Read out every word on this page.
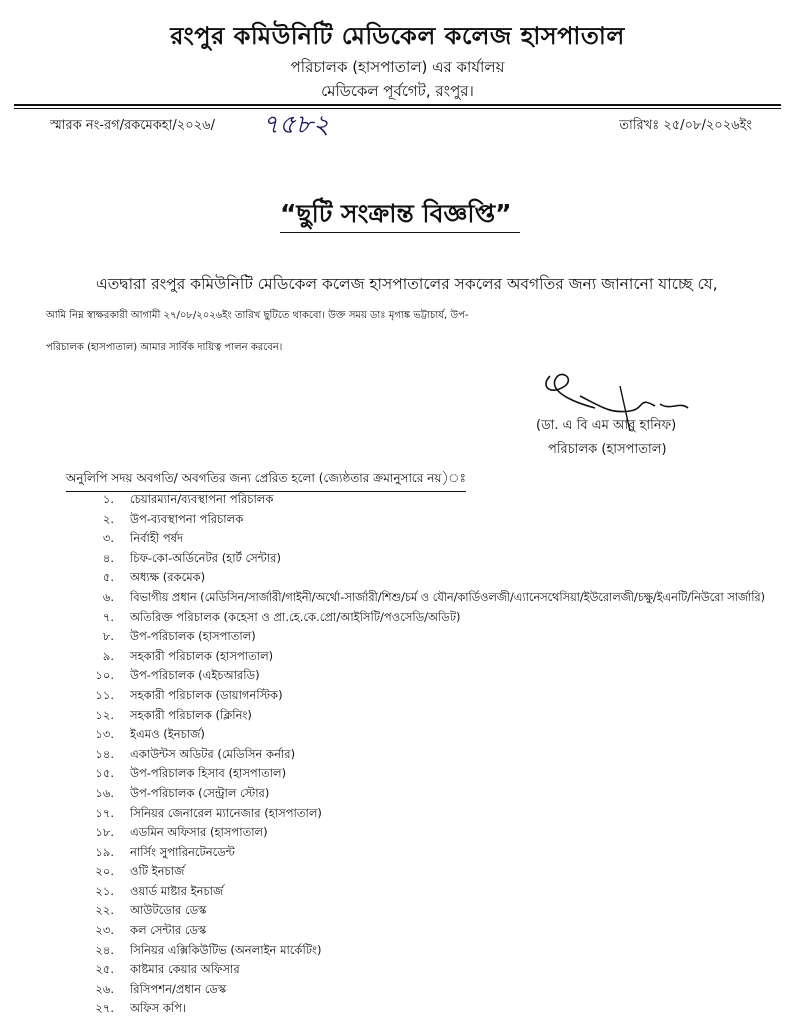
রংপুর কমিউনিটি মেডিকেল কলেজ হাসপাতাল
পরিচালক (হাসপাতাল) এর কার্যালয়
মেডিকেল পূর্বগেট, রংপুর।
স্মারক নং-রগ/রকমেকহা/২০২৬/ ৭৫৮২	তারিখঃ ২৫/০৮/২০২৬ইং
“ছুটি সংক্রান্ত বিজ্ঞপ্তি”
এতদ্বারা রংপুর কমিউনিটি মেডিকেল কলেজ হাসপাতালের সকলের অবগতির জন্য জানানো যাচ্ছে যে,
আমি নিম্ন স্বাক্ষরকারী আগামী ২৭/০৮/২০২৬ইং তারিখ ছুটিতে থাকবো। উক্ত সময় ডাঃ মৃগাঙ্ক ভট্টাচার্য, উপ-
পরিচালক (হাসপাতাল) আমার সার্বিক দায়িত্ব পালন করবেন।
(ডা. এ বি এম আবু হানিফ)
পরিচালক (হাসপাতাল)
অনুলিপি সদয় অবগতি/ অবগতির জন্য প্রেরিত হলো (জ্যেষ্ঠতার ক্রমানুসারে নয়)ঃ
১. চেয়ারম্যান/ব্যবস্থাপনা পরিচালক
২. উপ-ব্যবস্থাপনা পরিচালক
৩. নির্বাহী পর্ষদ
৪. চিফ-কো-অর্ডিনেটর (হার্ট সেন্টার)
৫. অধ্যক্ষ (রকমেক)
৬. বিভাগীয় প্রধান (মেডিসিন/সার্জারী/গাইনী/অর্থো-সার্জারী/শিশু/চর্ম ও যৌন/কার্ডিওলজী/এ্যানেসথেসিয়া/ইউরোলজী/চক্ষু/ইএনটি/নিউরো সার্জারি)
৭. অতিরিক্ত পরিচালক (কহেসা ও প্রা.হে.কে.প্রো/আইসিটি/পওসেডি/অডিট)
৮. উপ-পরিচালক (হাসপাতাল)
৯. সহকারী পরিচালক (হাসপাতাল)
১০. উপ-পরিচালক (এইচআরডি)
১১. সহকারী পরিচালক (ডায়াগনস্টিক)
১২. সহকারী পরিচালক (ক্লিনিং)
১৩. ইএমও (ইনচার্জ)
১৪. একাউন্টস অডিটর (মেডিসিন কর্নার)
১৫. উপ-পরিচালক হিসাব (হাসপাতাল)
১৬. উপ-পরিচালক (সেন্ট্রাল স্টোর)
১৭. সিনিয়র জেনারেল ম্যানেজার (হাসপাতাল)
১৮. এডমিন অফিসার (হাসপাতাল)
১৯. নার্সিং সুপারিনটেনডেন্ট
২০. ওটি ইনচার্জ
২১. ওয়ার্ড মাষ্টার ইনচার্জ
২২. আউটডোর ডেস্ক
২৩. কল সেন্টার ডেস্ক
২৪. সিনিয়র এক্সিকিউটিভ (অনলাইন মার্কেটিং)
২৫. কাষ্টমার কেয়ার অফিসার
২৬. রিসিপশন/প্রধান ডেস্ক
২৭. অফিস কপি।
